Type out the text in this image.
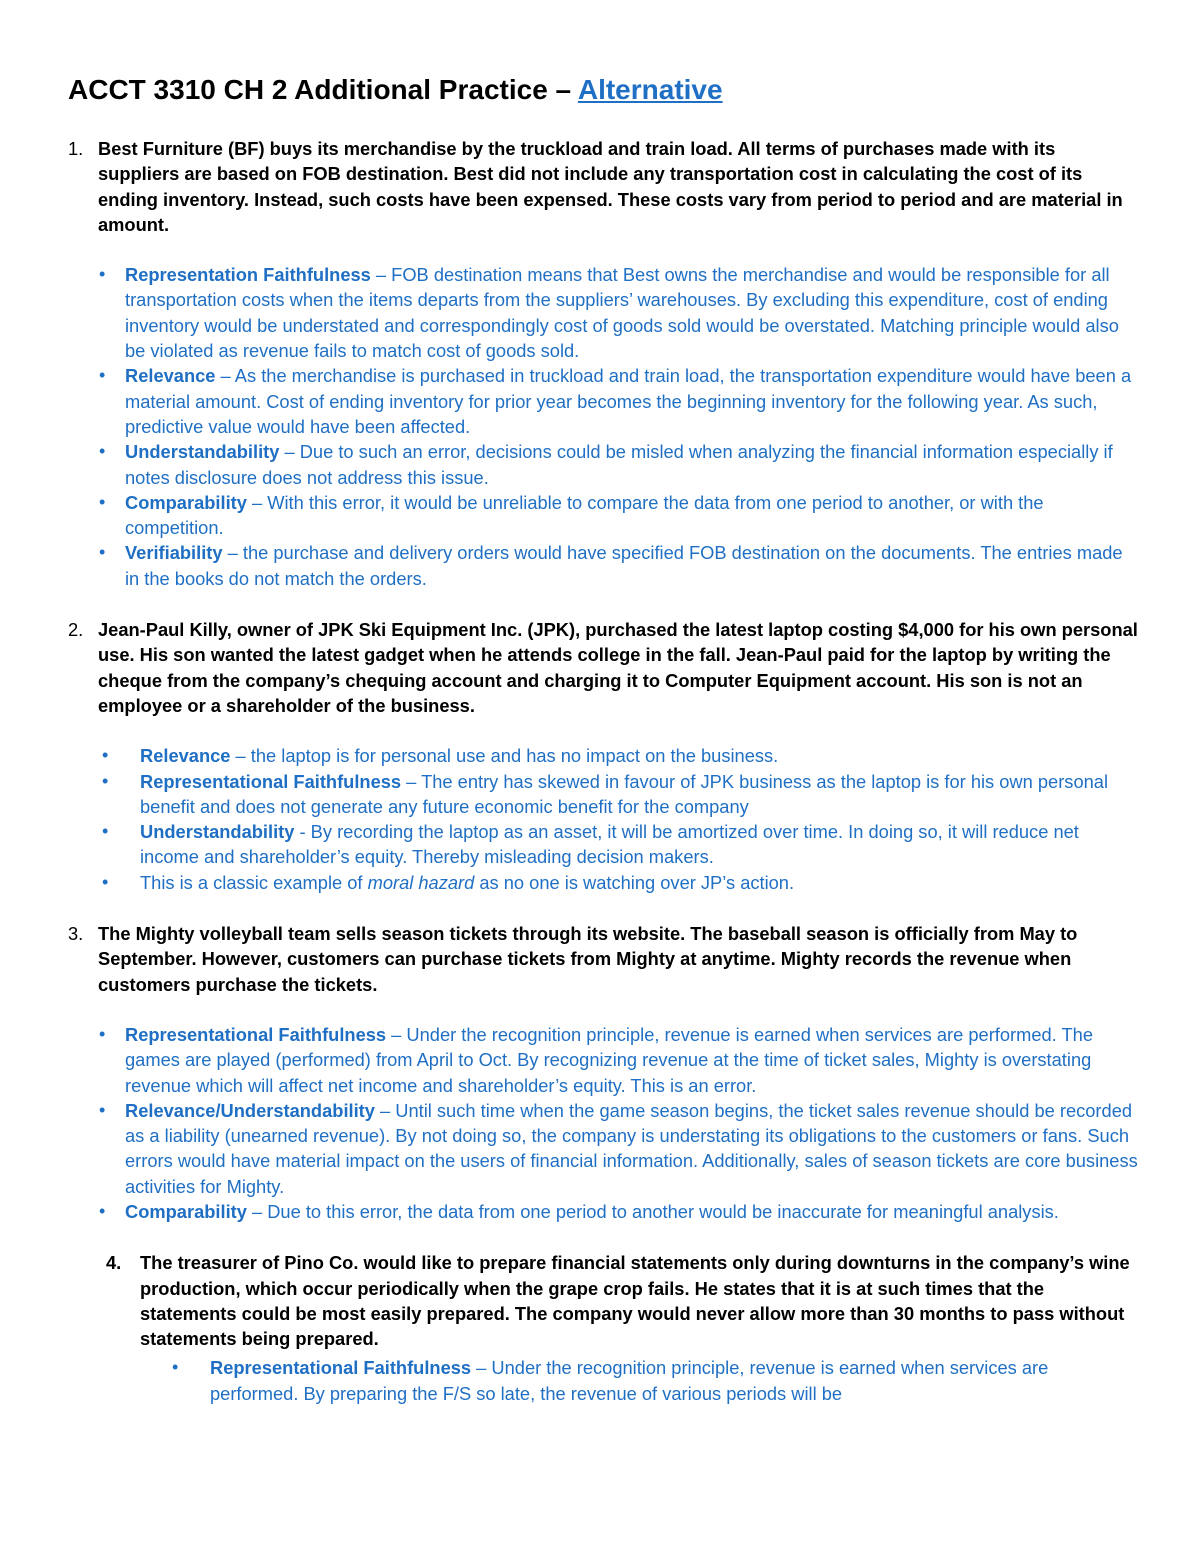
ACCT 3310 CH 2 Additional Practice – Alternative
1. Best Furniture (BF) buys its merchandise by the truckload and train load. All terms of purchases made with its suppliers are based on FOB destination. Best did not include any transportation cost in calculating the cost of its ending inventory. Instead, such costs have been expensed. These costs vary from period to period and are material in amount.
• Representation Faithfulness – FOB destination means that Best owns the merchandise and would be responsible for all transportation costs when the items departs from the suppliers’ warehouses. By excluding this expenditure, cost of ending inventory would be understated and correspondingly cost of goods sold would be overstated. Matching principle would also be violated as revenue fails to match cost of goods sold.
• Relevance – As the merchandise is purchased in truckload and train load, the transportation expenditure would have been a material amount. Cost of ending inventory for prior year becomes the beginning inventory for the following year. As such, predictive value would have been affected.
• Understandability – Due to such an error, decisions could be misled when analyzing the financial information especially if notes disclosure does not address this issue.
• Comparability – With this error, it would be unreliable to compare the data from one period to another, or with the competition.
• Verifiability – the purchase and delivery orders would have specified FOB destination on the documents. The entries made in the books do not match the orders.
2. Jean-Paul Killy, owner of JPK Ski Equipment Inc. (JPK), purchased the latest laptop costing $4,000 for his own personal use. His son wanted the latest gadget when he attends college in the fall. Jean-Paul paid for the laptop by writing the cheque from the company’s chequing account and charging it to Computer Equipment account. His son is not an employee or a shareholder of the business.
• Relevance – the laptop is for personal use and has no impact on the business.
• Representational Faithfulness – The entry has skewed in favour of JPK business as the laptop is for his own personal benefit and does not generate any future economic benefit for the company
• Understandability - By recording the laptop as an asset, it will be amortized over time. In doing so, it will reduce net income and shareholder’s equity. Thereby misleading decision makers.
• This is a classic example of moral hazard as no one is watching over JP’s action.
3. The Mighty volleyball team sells season tickets through its website. The baseball season is officially from May to September. However, customers can purchase tickets from Mighty at anytime. Mighty records the revenue when customers purchase the tickets.
• Representational Faithfulness – Under the recognition principle, revenue is earned when services are performed. The games are played (performed) from April to Oct. By recognizing revenue at the time of ticket sales, Mighty is overstating revenue which will affect net income and shareholder’s equity. This is an error.
• Relevance/Understandability – Until such time when the game season begins, the ticket sales revenue should be recorded as a liability (unearned revenue). By not doing so, the company is understating its obligations to the customers or fans. Such errors would have material impact on the users of financial information. Additionally, sales of season tickets are core business activities for Mighty.
• Comparability – Due to this error, the data from one period to another would be inaccurate for meaningful analysis.
4. The treasurer of Pino Co. would like to prepare financial statements only during downturns in the company’s wine production, which occur periodically when the grape crop fails. He states that it is at such times that the statements could be most easily prepared. The company would never allow more than 30 months to pass without statements being prepared.
• Representational Faithfulness – Under the recognition principle, revenue is earned when services are performed. By preparing the F/S so late, the revenue of various periods will be
